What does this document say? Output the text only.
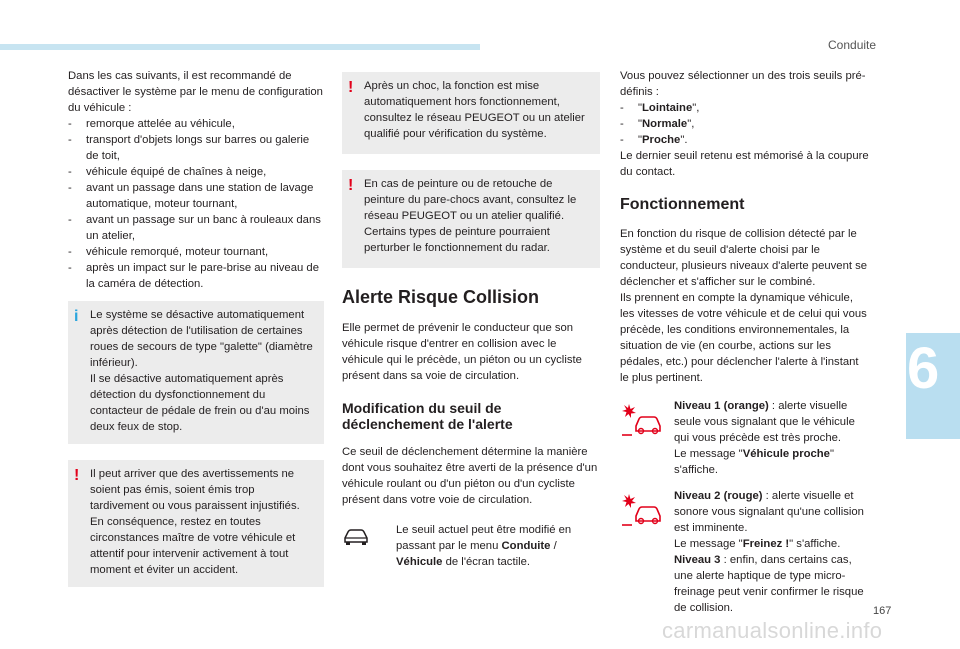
Conduite
6
167
carmanualsonline.info

Dans les cas suivants, il est recommandé de désactiver le système par le menu de configuration du véhicule :

- remorque attelée au véhicule,
- transport d'objets longs sur barres ou galerie de toit,
- véhicule équipé de chaînes à neige,
- avant un passage dans une station de lavage automatique, moteur tournant,
- avant un passage sur un banc à rouleaux dans un atelier,
- véhicule remorqué, moteur tournant,
- après un impact sur le pare-brise au niveau de la caméra de détection.
i Le système se désactive automatiquement après détection de l'utilisation de certaines roues de secours de type "galette" (diamètre inférieur).

Il se désactive automatiquement après détection du dysfonctionnement du contacteur de pédale de frein ou d'au moins deux feux de stop.

! Il peut arriver que des avertissements ne soient pas émis, soient émis trop tardivement ou vous paraissent injustifiés. En conséquence, restez en toutes circonstances maître de votre véhicule et attentif pour intervenir activement à tout moment et éviter un accident.

! Après un choc, la fonction est mise automatiquement hors fonctionnement, consultez le réseau PEUGEOT ou un atelier qualifié pour vérification du système.

! En cas de peinture ou de retouche de peinture du pare-chocs avant, consultez le réseau PEUGEOT ou un atelier qualifié. Certains types de peinture pourraient perturber le fonctionnement du radar.

Alerte Risque Collision

Elle permet de prévenir le conducteur que son véhicule risque d'entrer en collision avec le véhicule qui le précède, un piéton ou un cycliste présent dans sa voie de circulation.

Modification du seuil de déclenchement de l'alerte

Ce seuil de déclenchement détermine la manière dont vous souhaitez être averti de la présence d'un véhicule roulant ou d'un piéton ou d'un cycliste présent dans votre voie de circulation.

Le seuil actuel peut être modifié en passant par le menu Conduite / Véhicule de l'écran tactile.

Vous pouvez sélectionner un des trois seuils pré-définis :

- "Lointaine",
- "Normale",
- "Proche".

Le dernier seuil retenu est mémorisé à la coupure du contact.

Fonctionnement

En fonction du risque de collision détecté par le système et du seuil d'alerte choisi par le conducteur, plusieurs niveaux d'alerte peuvent se déclencher et s'afficher sur le combiné.

Ils prennent en compte la dynamique véhicule, les vitesses de votre véhicule et de celui qui vous précède, les conditions environnementales, la situation de vie (en courbe, actions sur les pédales, etc.) pour déclencher l'alerte à l'instant le plus pertinent.

Niveau 1 (orange) : alerte visuelle seule vous signalant que le véhicule qui vous précède est très proche.

Le message "Véhicule proche" s'affiche.

Niveau 2 (rouge) : alerte visuelle et sonore vous signalant qu'une collision est imminente.

Le message "Freinez !" s'affiche.

Niveau 3 : enfin, dans certains cas, une alerte haptique de type micro-freinage peut venir confirmer le risque de collision.
